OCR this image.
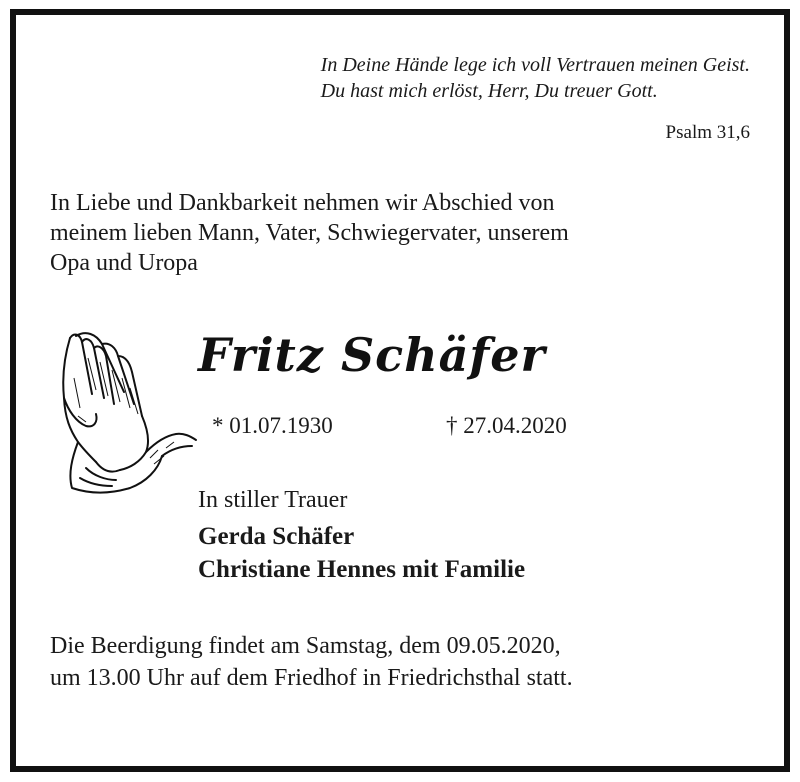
In Deine Hände lege ich voll Vertrauen meinen Geist.
Du hast mich erlöst, Herr, Du treuer Gott.
Psalm 31,6
In Liebe und Dankbarkeit nehmen wir Abschied von
meinem lieben Mann, Vater, Schwiegervater, unserem
Opa und Uropa
Fritz Schäfer
* 01.07.1930	† 27.04.2020
In stiller Trauer
Gerda Schäfer
Christiane Hennes mit Familie
Die Beerdigung findet am Samstag, dem 09.05.2020,
um 13.00 Uhr auf dem Friedhof in Friedrichsthal statt.
